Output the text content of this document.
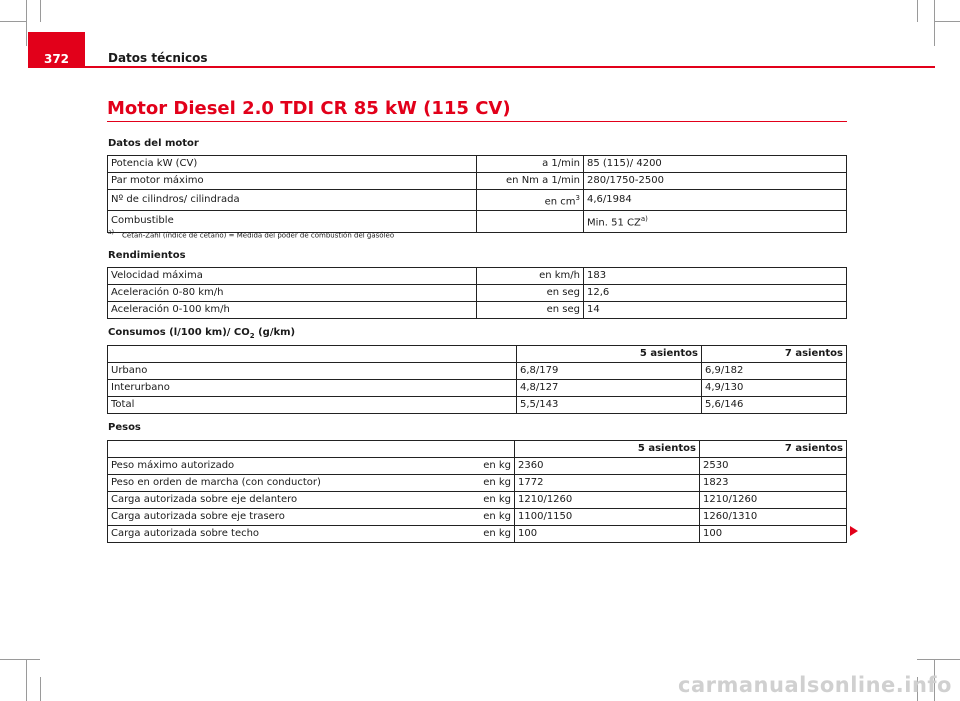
372	Datos técnicos
Motor Diesel 2.0 TDI CR 85 kW (115 CV)
Datos del motor
Potencia kW (CV)	a 1/min	85 (115)/ 4200
Par motor máximo	en Nm a 1/min	280/1750-2500
Nº de cilindros/ cilindrada	en cm$^3$	4,6/1984
Combustible		Min. 51 CZ$^{a)}$
$^{a)}$ Cetan-Zahl (índice de cetano) = Medida del poder de combustión del gasóleo
Rendimientos
Velocidad máxima	en km/h	183
Aceleración 0-80 km/h	en seg	12,6
Aceleración 0-100 km/h	en seg	14
Consumos (l/100 km)/ $CO_2$ (g/km)
	5 asientos	7 asientos
Urbano	6,8/179	6,9/182
Interurbano	4,8/127	4,9/130
Total	5,5/143	5,6/146
Pesos
		5 asientos	7 asientos
Peso máximo autorizado	en kg	2360	2530
Peso en orden de marcha (con conductor)	en kg	1772	1823
Carga autorizada sobre eje delantero	en kg	1210/1260	1210/1260
Carga autorizada sobre eje trasero	en kg	1100/1150	1260/1310
Carga autorizada sobre techo	en kg	100	100
carmanualsonline.info
